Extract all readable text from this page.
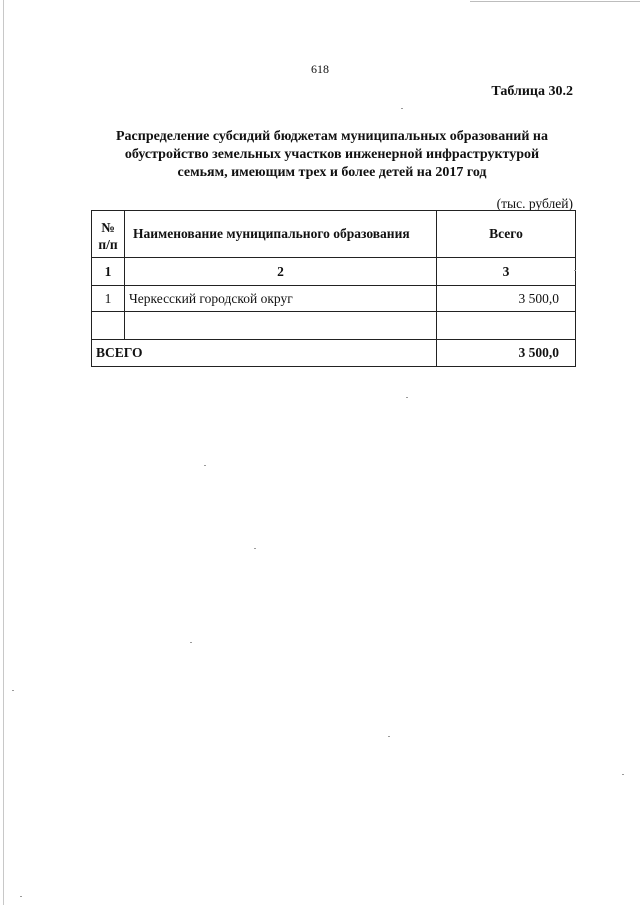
618
Таблица 30.2
Распределение субсидий бюджетам муниципальных образований на
обустройство земельных участков инженерной инфраструктурой
семьям, имеющим трех и более детей на 2017 год
(тыс. рублей)
№
п/п	Наименование муниципального образования	Всего
1	2	3
1	Черкесский городской округ	3 500,0

ВСЕГО		3 500,0
